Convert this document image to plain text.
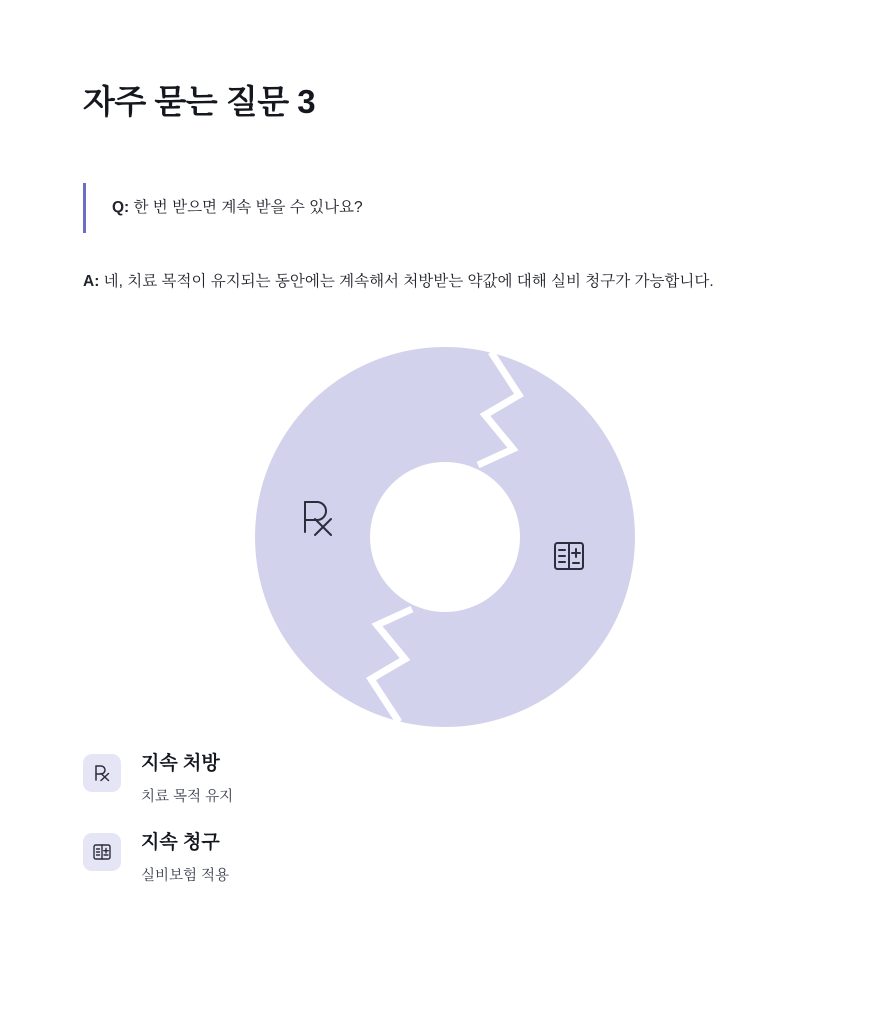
자주 묻는 질문 3
Q: 한 번 받으면 계속 받을 수 있나요?
A: 네, 치료 목적이 유지되는 동안에는 계속해서 처방받는 약값에 대해 실비 청구가 가능합니다.

지속 처방

치료 목적 유지

지속 청구

실비보험 적용
